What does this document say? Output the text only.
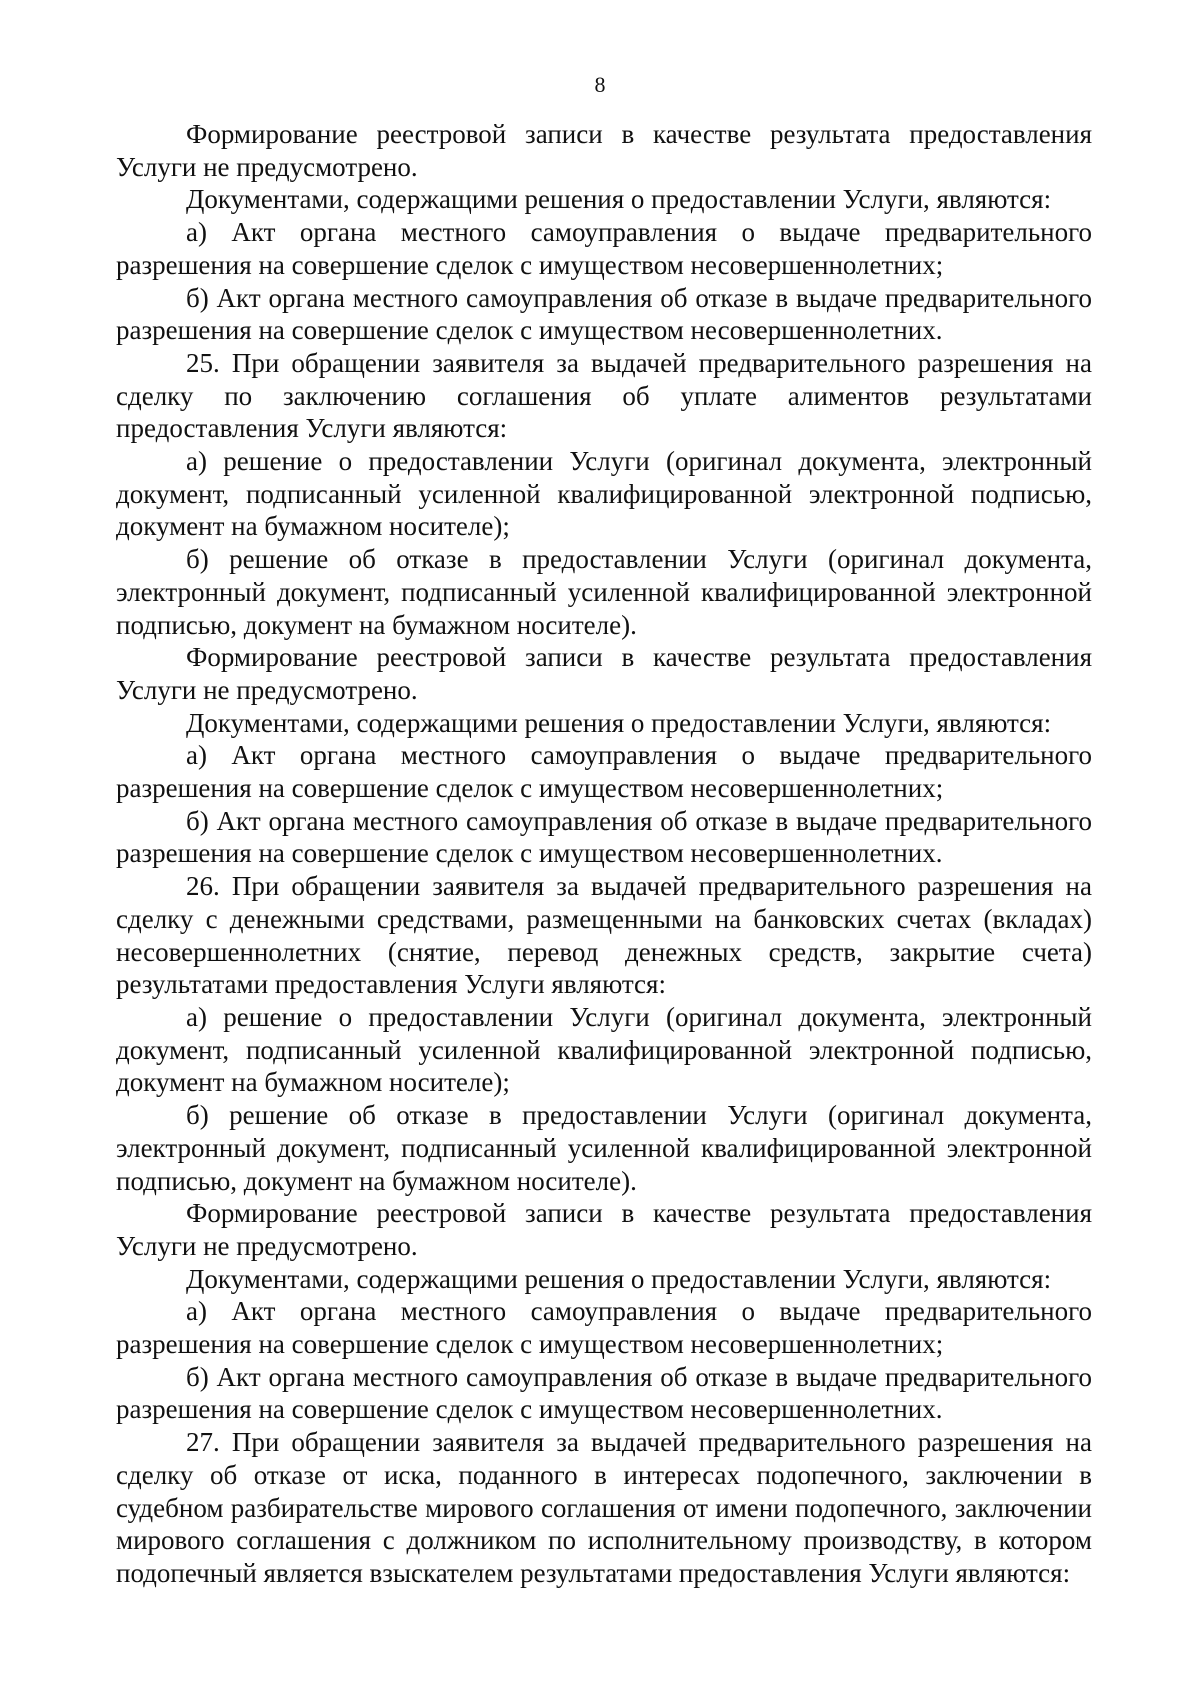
8

Формирование реестровой записи в качестве результата предоставления Услуги не предусмотрено.

Документами, содержащими решения о предоставлении Услуги, являются:

а) Акт органа местного самоуправления о выдаче предварительного разрешения на совершение сделок с имуществом несовершеннолетних;

б) Акт органа местного самоуправления об отказе в выдаче предварительного разрешения на совершение сделок с имуществом несовершеннолетних.

25. При обращении заявителя за выдачей предварительного разрешения на сделку по заключению соглашения об уплате алиментов результатами предоставления Услуги являются:

а) решение о предоставлении Услуги (оригинал документа, электронный документ, подписанный усиленной квалифицированной электронной подписью, документ на бумажном носителе);

б) решение об отказе в предоставлении Услуги (оригинал документа, электронный документ, подписанный усиленной квалифицированной электронной подписью, документ на бумажном носителе).

Формирование реестровой записи в качестве результата предоставления Услуги не предусмотрено.

Документами, содержащими решения о предоставлении Услуги, являются:

а) Акт органа местного самоуправления о выдаче предварительного разрешения на совершение сделок с имуществом несовершеннолетних;

б) Акт органа местного самоуправления об отказе в выдаче предварительного разрешения на совершение сделок с имуществом несовершеннолетних.

26. При обращении заявителя за выдачей предварительного разрешения на сделку с денежными средствами, размещенными на банковских счетах (вкладах) несовершеннолетних (снятие, перевод денежных средств, закрытие счета) результатами предоставления Услуги являются:

а) решение о предоставлении Услуги (оригинал документа, электронный документ, подписанный усиленной квалифицированной электронной подписью, документ на бумажном носителе);

б) решение об отказе в предоставлении Услуги (оригинал документа, электронный документ, подписанный усиленной квалифицированной электронной подписью, документ на бумажном носителе).

Формирование реестровой записи в качестве результата предоставления Услуги не предусмотрено.

Документами, содержащими решения о предоставлении Услуги, являются:

а) Акт органа местного самоуправления о выдаче предварительного разрешения на совершение сделок с имуществом несовершеннолетних;

б) Акт органа местного самоуправления об отказе в выдаче предварительного разрешения на совершение сделок с имуществом несовершеннолетних.

27. При обращении заявителя за выдачей предварительного разрешения на сделку об отказе от иска, поданного в интересах подопечного, заключении в судебном разбирательстве мирового соглашения от имени подопечного, заключении мирового соглашения с должником по исполнительному производству, в котором подопечный является взыскателем результатами предоставления Услуги являются:
